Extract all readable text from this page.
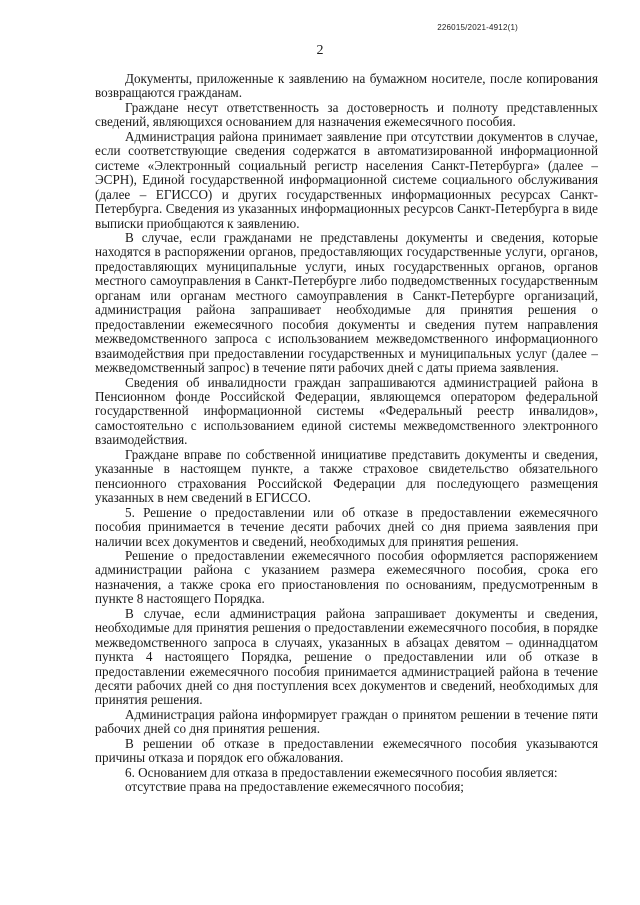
226015/2021-4912(1)
2

Документы, приложенные к заявлению на бумажном носителе, после копирования возвращаются гражданам.

Граждане несут ответственность за достоверность и полноту представленных сведений, являющихся основанием для назначения ежемесячного пособия.

Администрация района принимает заявление при отсутствии документов в случае, если соответствующие сведения содержатся в автоматизированной информационной системе «Электронный социальный регистр населения Санкт-Петербурга» (далее – ЭСРН), Единой государственной информационной системе социального обслуживания (далее – ЕГИССО) и других государственных информационных ресурсах Санкт-Петербурга. Сведения из указанных информационных ресурсов Санкт-Петербурга в виде выписки приобщаются к заявлению.

В случае, если гражданами не представлены документы и сведения, которые находятся в распоряжении органов, предоставляющих государственные услуги, органов, предоставляющих муниципальные услуги, иных государственных органов, органов местного самоуправления в Санкт-Петербурге либо подведомственных государственным органам или органам местного самоуправления в Санкт-Петербурге организаций, администрация района запрашивает необходимые для принятия решения о предоставлении ежемесячного пособия документы и сведения путем направления межведомственного запроса с использованием межведомственного информационного взаимодействия при предоставлении государственных и муниципальных услуг (далее – межведомственный запрос) в течение пяти рабочих дней с даты приема заявления.

Сведения об инвалидности граждан запрашиваются администрацией района в Пенсионном фонде Российской Федерации, являющемся оператором федеральной государственной информационной системы «Федеральный реестр инвалидов», самостоятельно с использованием единой системы межведомственного электронного взаимодействия.

Граждане вправе по собственной инициативе представить документы и сведения, указанные в настоящем пункте, а также страховое свидетельство обязательного пенсионного страхования Российской Федерации для последующего размещения указанных в нем сведений в ЕГИССО.

5. Решение о предоставлении или об отказе в предоставлении ежемесячного пособия принимается в течение десяти рабочих дней со дня приема заявления при наличии всех документов и сведений, необходимых для принятия решения.

Решение о предоставлении ежемесячного пособия оформляется распоряжением администрации района с указанием размера ежемесячного пособия, срока его назначения, а также срока его приостановления по основаниям, предусмотренным в пункте 8 настоящего Порядка.

В случае, если администрация района запрашивает документы и сведения, необходимые для принятия решения о предоставлении ежемесячного пособия, в порядке межведомственного запроса в случаях, указанных в абзацах девятом – одиннадцатом пункта 4 настоящего Порядка, решение о предоставлении или об отказе в предоставлении ежемесячного пособия принимается администрацией района в течение десяти рабочих дней со дня поступления всех документов и сведений, необходимых для принятия решения.

Администрация района информирует граждан о принятом решении в течение пяти рабочих дней со дня принятия решения.

В решении об отказе в предоставлении ежемесячного пособия указываются причины отказа и порядок его обжалования.

6. Основанием для отказа в предоставлении ежемесячного пособия является:

отсутствие права на предоставление ежемесячного пособия;
